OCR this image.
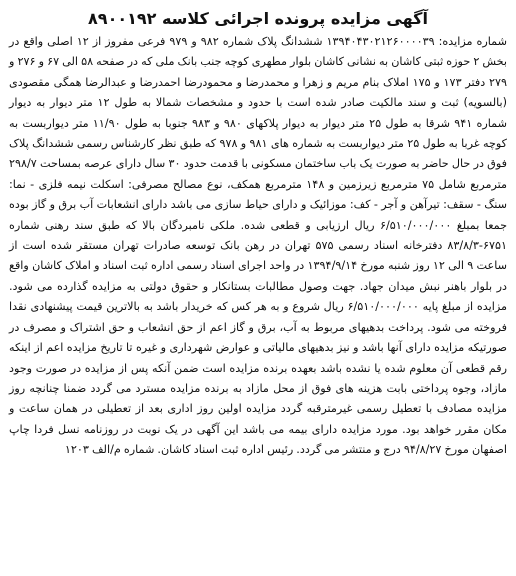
آگهی مزایده پرونده اجرائی کلاسه ۸۹۰۰۱۹۲

شماره مزایده: ۱۳۹۴۰۴۳۰۲۱۲۶۰۰۰۰۳۹ ششدانگ پلاک شماره ۹۸۲ و ۹۷۹ فرعی مفروز از ۱۲ اصلی واقع در بخش ۲ حوزه ثبتی کاشان به نشانی کاشان بلوار مطهری کوچه جنب بانک ملی که در صفحه ۵۸ الی ۶۷ و ۲۷۶ و ۲۷۹ دفتر ۱۷۳ و ۱۷۵ املاک بنام مریم و زهرا و محمدرضا و محمودرضا احمدرضا و عبدالرضا همگی مقصودی (بالسویه) ثبت و سند مالکیت صادر شده است با حدود و مشخصات شمالا به طول ۱۲ متر دیوار به دیوار شماره ۹۴۱ شرقا به طول ۲۵ متر دیوار به دیوار پلاکهای ۹۸۰ و ۹۸۳ جنوبا به طول ۱۱/۹۰ متر دیواربست به کوچه غربا به طول ۲۵ متر دیواربست به شماره های ۹۸۱ و ۹۷۸ که طبق نظر کارشناس رسمی ششدانگ پلاک فوق در حال حاضر به صورت یک باب ساختمان مسکونی با قدمت حدود ۳۰ سال دارای عرصه بمساحت ۲۹۸/۷ مترمربع شامل ۷۵ مترمربع زیرزمین و ۱۴۸ مترمربع همکف، نوع مصالح مصرفی: اسکلت نیمه فلزی - نما: سنگ - سقف: تیرآهن و آجر - کف: موزائیک و دارای حیاط سازی می باشد دارای انشعابات آب برق و گاز بوده جمعا بمبلغ ۶/۵۱۰/۰۰۰/۰۰۰ ریال ارزیابی و قطعی شده. ملکی نامبردگان بالا که طبق سند رهنی شماره ۶۷۵۱-۸۳/۸/۳ دفترخانه اسناد رسمی ۵۷۵ تهران در رهن بانک توسعه صادرات تهران مستقر شده است از ساعت ۹ الی ۱۲ روز شنبه مورخ ۱۳۹۴/۹/۱۴ در واحد اجرای اسناد رسمی اداره ثبت اسناد و املاک کاشان واقع در بلوار باهنر نبش میدان جهاد. جهت وصول مطالبات بستانکار و حقوق دولتی به مزایده گذارده می شود. مزایده از مبلغ پایه ۶/۵۱۰/۰۰۰/۰۰۰ ریال شروع و به هر کس که خریدار باشد به بالاترین قیمت پیشنهادی نقدا فروخته می شود. پرداخت بدهیهای مربوط به آب، برق و گاز اعم از حق انشعاب و حق اشتراک و مصرف در صورتیکه مزایده دارای آنها باشد و نیز بدهیهای مالیاتی و عوارض شهرداری و غیره تا تاریخ مزایده اعم از اینکه رقم قطعی آن معلوم شده یا نشده باشد بعهده برنده مزایده است ضمن آنکه پس از مزایده در صورت وجود مازاد، وجوه پرداختی بابت هزینه های فوق از محل مازاد به برنده مزایده مسترد می گردد ضمنا چنانچه روز مزایده مصادف با تعطیل رسمی غیرمترقبه گردد مزایده اولین روز اداری بعد از تعطیلی در همان ساعت و مکان مقرر خواهد بود. مورد مزایده دارای بیمه می باشد این آگهی در یک نوبت در روزنامه نسل فردا چاپ اصفهان مورخ ۹۴/۸/۲۷ درج و منتشر می گردد. رئیس اداره ثبت اسناد کاشان. شماره م/الف ۱۲۰۳
